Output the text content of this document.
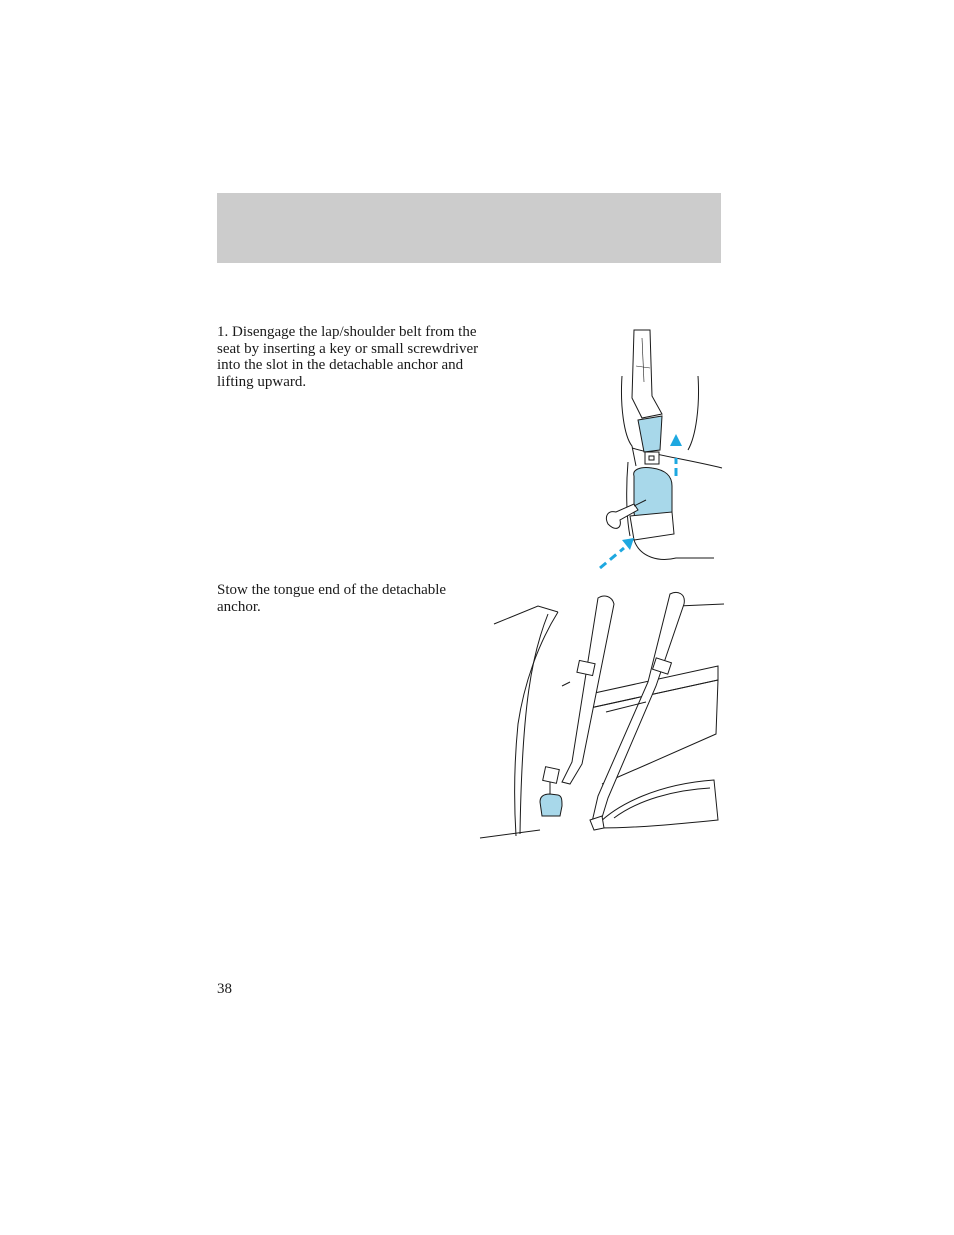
1. Disengage the lap/shoulder belt from the seat by inserting a key or small screwdriver into the slot in the detachable anchor and lifting upward.

Stow the tongue end of the detachable anchor.

38
